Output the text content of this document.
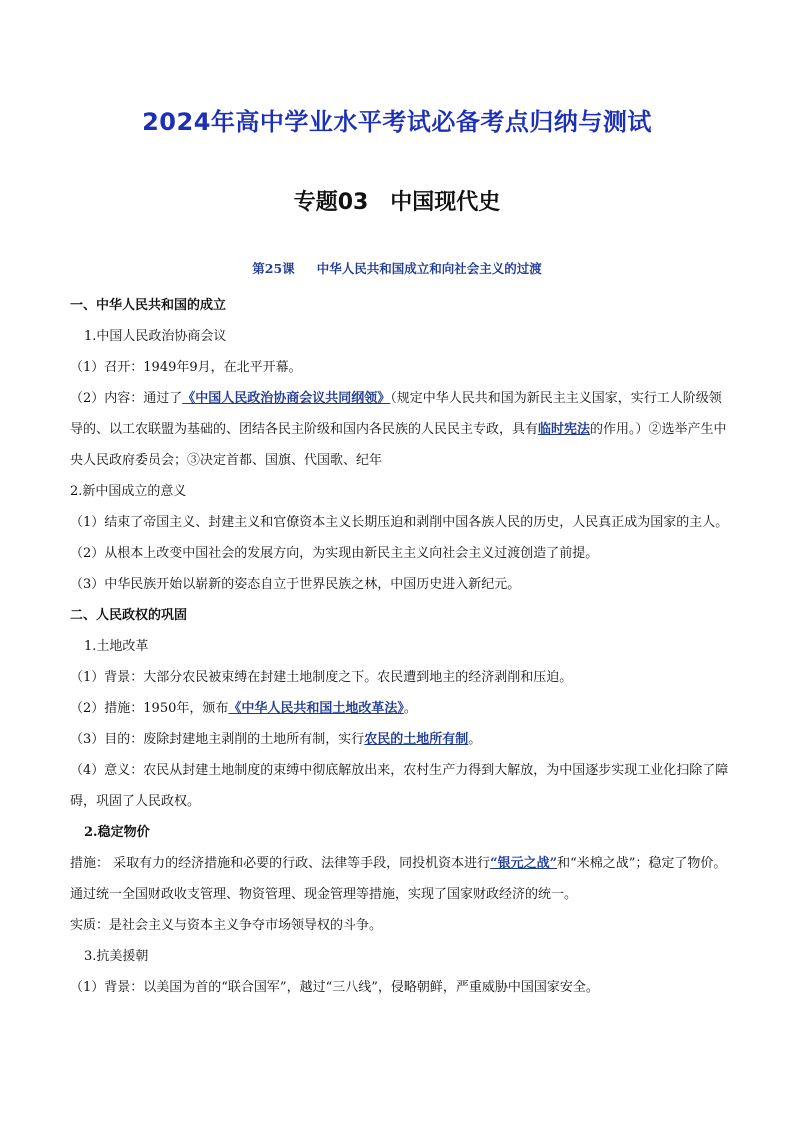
2024年高中学业水平考试必备考点归纳与测试
专题03　中国现代史
第25课 中华人民共和国成立和向社会主义的过渡
一、中华人民共和国的成立
1.中国人民政治协商会议
（1）召开：1949年9月，在北平开幕。
（2）内容：通过了《中国人民政治协商会议共同纲领》（规定中华人民共和国为新民主主义国家，实行工人阶级领导的、以工农联盟为基础的、团结各民主阶级和国内各民族的人民民主专政，具有临时宪法的作用。）②选举产生中央人民政府委员会；③决定首都、国旗、代国歌、纪年
2.新中国成立的意义
（1）结束了帝国主义、封建主义和官僚资本主义长期压迫和剥削中国各族人民的历史，人民真正成为国家的主人。
（2）从根本上改变中国社会的发展方向，为实现由新民主主义向社会主义过渡创造了前提。
（3）中华民族开始以崭新的姿态自立于世界民族之林，中国历史进入新纪元。
二、人民政权的巩固
1.土地改革
（1）背景：大部分农民被束缚在封建土地制度之下。农民遭到地主的经济剥削和压迫。
（2）措施：1950年，颁布《中华人民共和国土地改革法》。
（3）目的：废除封建地主剥削的土地所有制，实行农民的土地所有制。
（4）意义：农民从封建土地制度的束缚中彻底解放出来，农村生产力得到大解放，为中国逐步实现工业化扫除了障碍，巩固了人民政权。
2.稳定物价
措施： 采取有力的经济措施和必要的行政、法律等手段，同投机资本进行“银元之战”和“米棉之战”；稳定了物价。通过统一全国财政收支管理、物资管理、现金管理等措施，实现了国家财政经济的统一。
实质：是社会主义与资本主义争夺市场领导权的斗争。
3.抗美援朝
（1）背景：以美国为首的“联合国军”，越过“三八线”，侵略朝鲜，严重威胁中国国家安全。
